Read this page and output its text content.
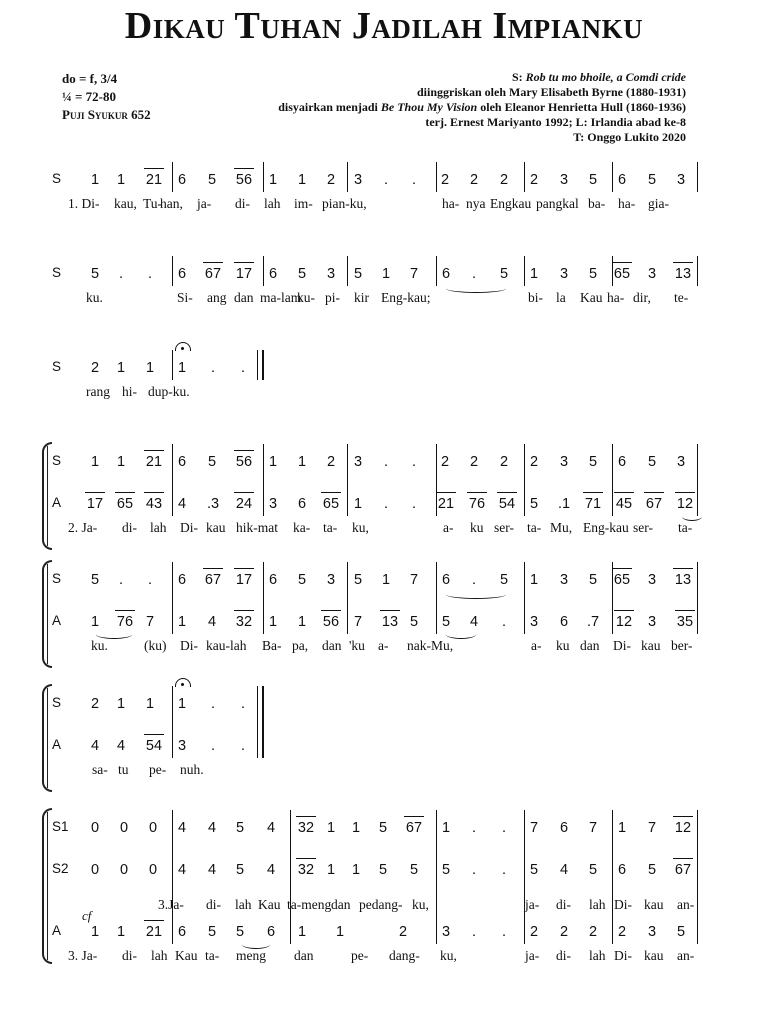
Dikau Tuhan Jadilah Impianku
do = f, 3/4
¼ = 72-80
Puji Syukur 652
S: Rob tu mo bhoile, a Comdi cride
diinggriskan oleh Mary Elisabeth Byrne (1880-1931)
disyairkan menjadi Be Thou My Vision oleh Eleanor Henrietta Hull (1860-1936)
terj. Ernest Mariyanto 1992; L: Irlandia abad ke-8
T: Onggo Lukito 2020
S	1	1	21	6	5	56	1	1	2	3	.	.	2	2	2	2	3	5	6	5	3
1. Di- kau, Tu-
han, ja- di- lah im- pian-ku,	ha- nya Engkau pangkal ba- ha- gia-
S	5	.	.	6	67	17	6	5	3	5	1	7	6	.	5	1	3	5	65	3	13
ku.	Si- ang dan ma-lam
ku- pi- kir Eng-kau;	bi- la Kau ha- dir, te-
S	2	1	1	1	.	.
rang hi- dup-ku.
S	1	1	21	6	5	56	1	1	2	3	.	.	2	2	2	2	3	5	6	5	3
A	17 65 43	4	.3	24	3	6	65	1	.	.	21	76 54	5	.1	71	45 67	12
2. Ja- di- lah Di- kau hik-mat ka- ta- ku,	a- ku ser- ta- Mu, Eng-kau ser- ta-
S	5	.	.	6	67	17	6	5	3	5	1	7	6	.	5	1	3	5	65	3	13
A	1	76 7	1	4	32	1	1	56	7	13 5	5	4	.	3	6	.7	12	3	35
ku.	(ku) Di- kau-lah Ba- pa, dan 'ku a- nak-Mu,	a- ku dan Di- kau ber-
S	2	1	1	1	.	.
A	4	4	54	3	.	.
sa- tu pe- nuh.
S1	0	0	0	4	4	5	4	32 1	1	5	67	1	.	.	7	6	7	1	7	12
S2	0	0	0	4	4	5	4	32 1	1	5	5	5	.	.	5	4	5	6	5	67
A	1	1	21	6	5	5	6	1	1	2	3	.	.	2	2	2	2	3	5
3.Ja- di- lah Kau ta-meng dan pedang- ku,	ja- di- lah Di- kau an-
cf
3. Ja- di- lah Kau ta- meng dan	pe- dang- ku,	ja- di- lah Di- kau an-
